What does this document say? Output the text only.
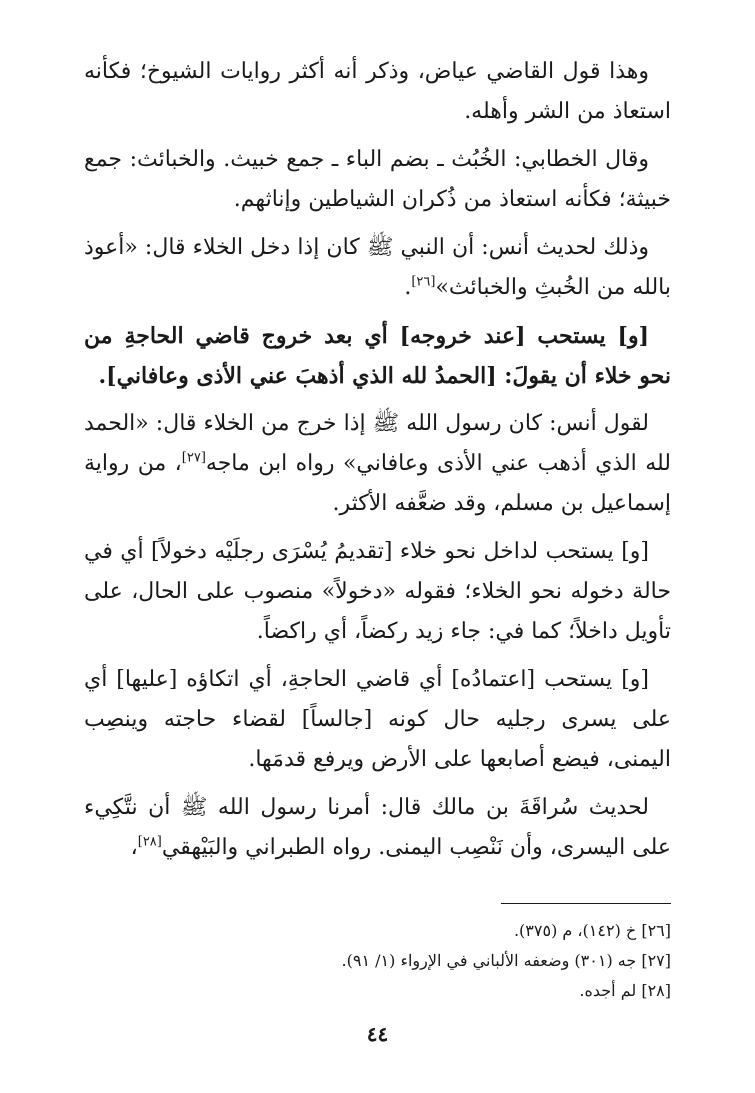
وهذا قول القاضي عياض، وذكر أنه أكثر روايات الشيوخ؛ فكأنه استعاذ من الشر وأهله.

وقال الخطابي: الخُبُث ـ بضم الباء ـ جمع خبيث. والخبائث: جمع خبيثة؛ فكأنه استعاذ من ذُكران الشياطين وإناثهم.

وذلك لحديث أنس: أن النبي ﷺ كان إذا دخل الخلاء قال: «أعوذ بالله من الخُبثِ والخبائث»[٢٦].

[و] يستحب [عند خروجه] أي بعد خروج قاضي الحاجةِ من نحو خلاء أن يقولَ: [الحمدُ لله الذي أذهبَ عني الأذى وعافاني].

لقول أنس: كان رسول الله ﷺ إذا خرج من الخلاء قال: «الحمد لله الذي أذهب عني الأذى وعافاني» رواه ابن ماجه[٢٧]، من رواية إسماعيل بن مسلم، وقد ضعَّفه الأكثر.

[و] يستحب لداخل نحو خلاء [تقديمُ يُسْرَى رجلَيْه دخولاً] أي في حالة دخوله نحو الخلاء؛ فقوله «دخولاً» منصوب على الحال، على تأويل داخلاً؛ كما في: جاء زيد ركضاً، أي راكضاً.

[و] يستحب [اعتمادُه] أي قاضي الحاجةِ، أي اتكاؤه [عليها] أي على يسرى رجليه حال كونه [جالساً] لقضاء حاجته وينصِب اليمنى، فيضع أصابعها على الأرض ويرفع قدمَها.

لحديث سُراقَةَ بن مالك قال: أمرنا رسول الله ﷺ أن نتَّكِيء على اليسرى، وأن نَنْصِب اليمنى. رواه الطبراني والبَيْهقي[٢٨]،

[٢٦] خ (١٤٢)، م (٣٧٥).

[٢٧] جه (٣٠١) وضعفه الألباني في الإرواء (١/ ٩١).

[٢٨] لم أجده.

٤٤
